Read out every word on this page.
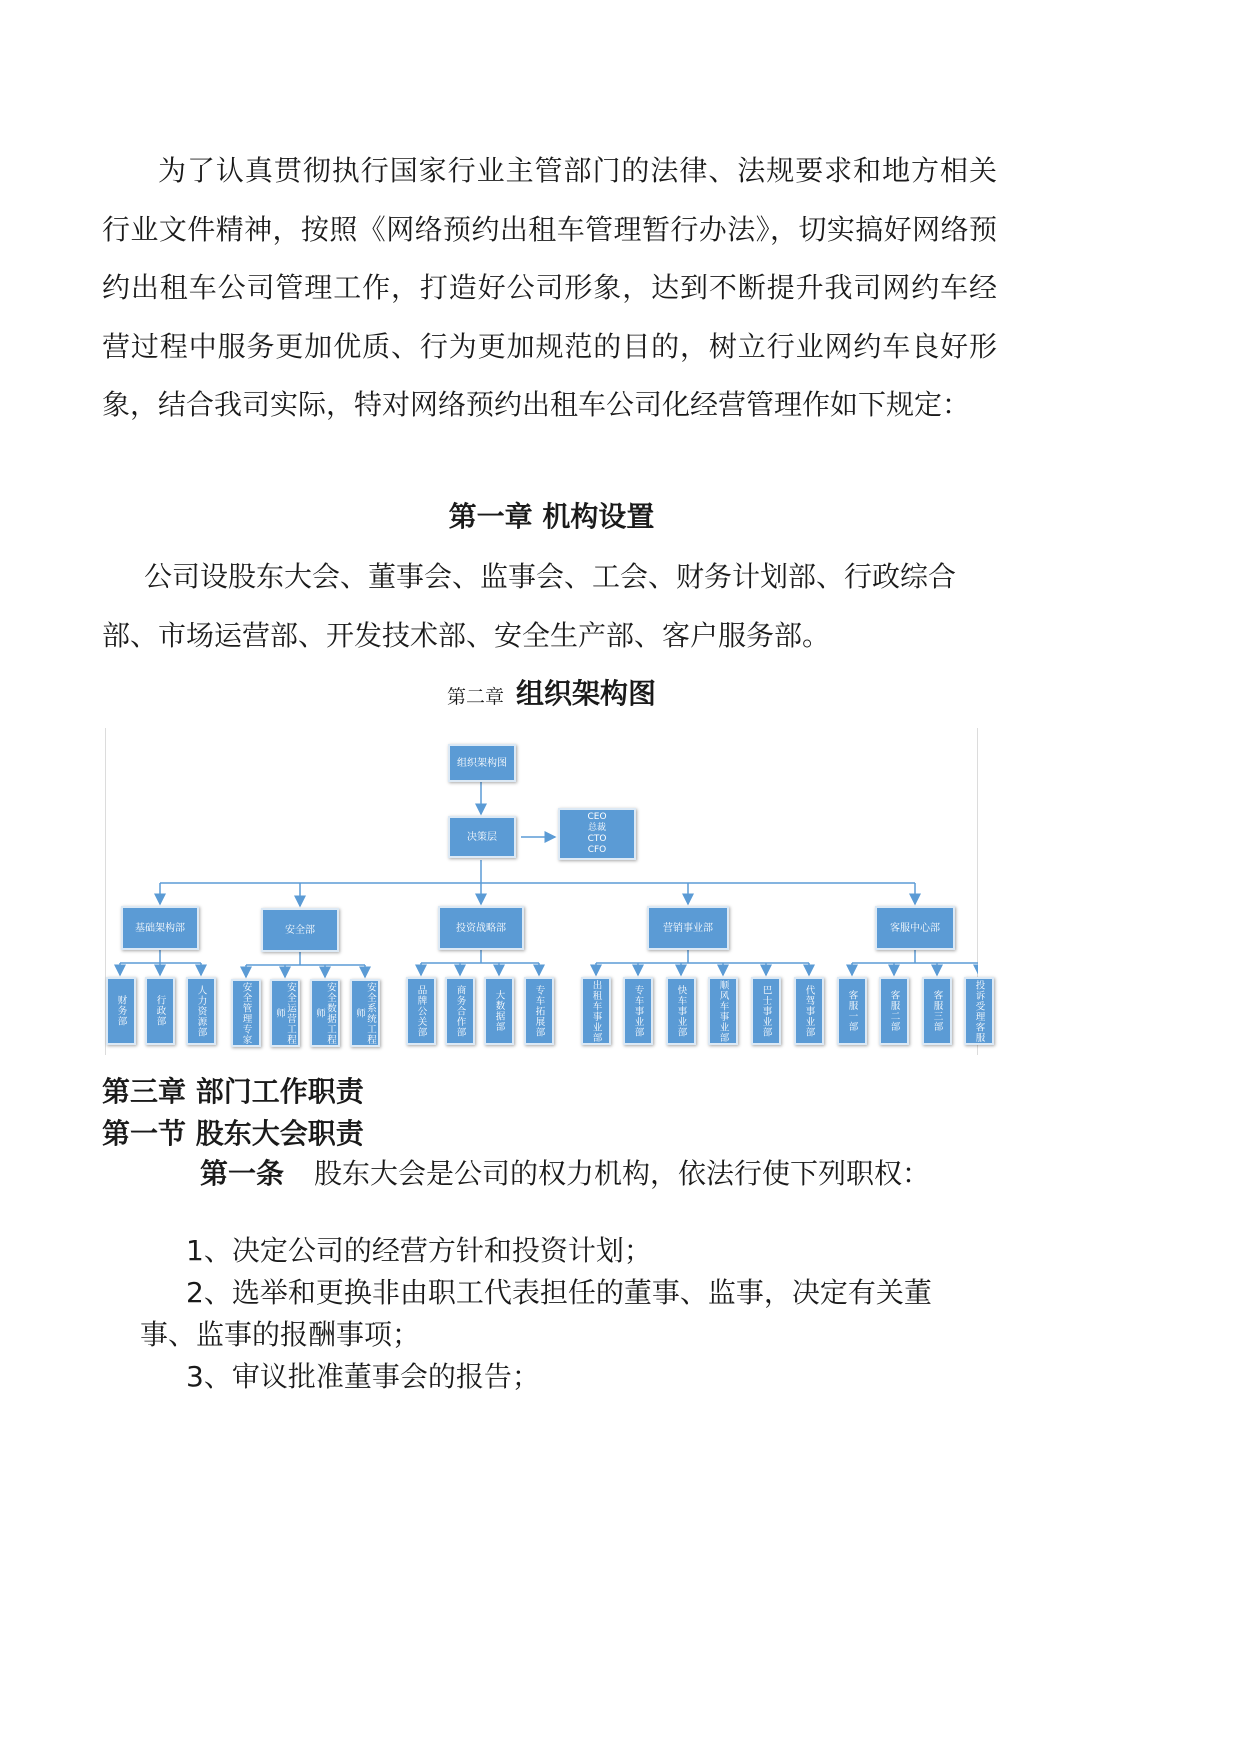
为了认真贯彻执行国家行业主管部门的法律、法规要求和地方相关行业文件精神，按照《网络预约出租车管理暂行办法》，切实搞好网络预约出租车公司管理工作，打造好公司形象，达到不断提升我司网约车经营过程中服务更加优质、行为更加规范的目的，树立行业网约车良好形象，结合我司实际，特对网络预约出租车公司化经营管理作如下规定：

第一章 机构设置

公司设股东大会、董事会、监事会、工会、财务计划部、行政综合部、市场运营部、开发技术部、安全生产部、客户服务部。

第二章 组织架构图
组织架构图
决策层
CEO
总裁
CTO
CFO
基础架构部	安全部	投资战略部	营销事业部	客服中心部
财务部	行政部	人力资源部	安全管理专家	安全运营工程师	安全数据工程师	安全系统工程师	品牌公关部	商务合作部	大数据部	专车拓展部	出租车事业部	专车事业部	快车事业部	顺风车事业部	巴士事业部	代驾事业部	客服一部	客服二部	客服三部	投诉受理客服
第三章 部门工作职责
第一节 股东大会职责

第一条 股东大会是公司的权力机构，依法行使下列职权：

1、决定公司的经营方针和投资计划；
2、选举和更换非由职工代表担任的董事、监事，决定有关董事、监事的报酬事项；
3、审议批准董事会的报告；
